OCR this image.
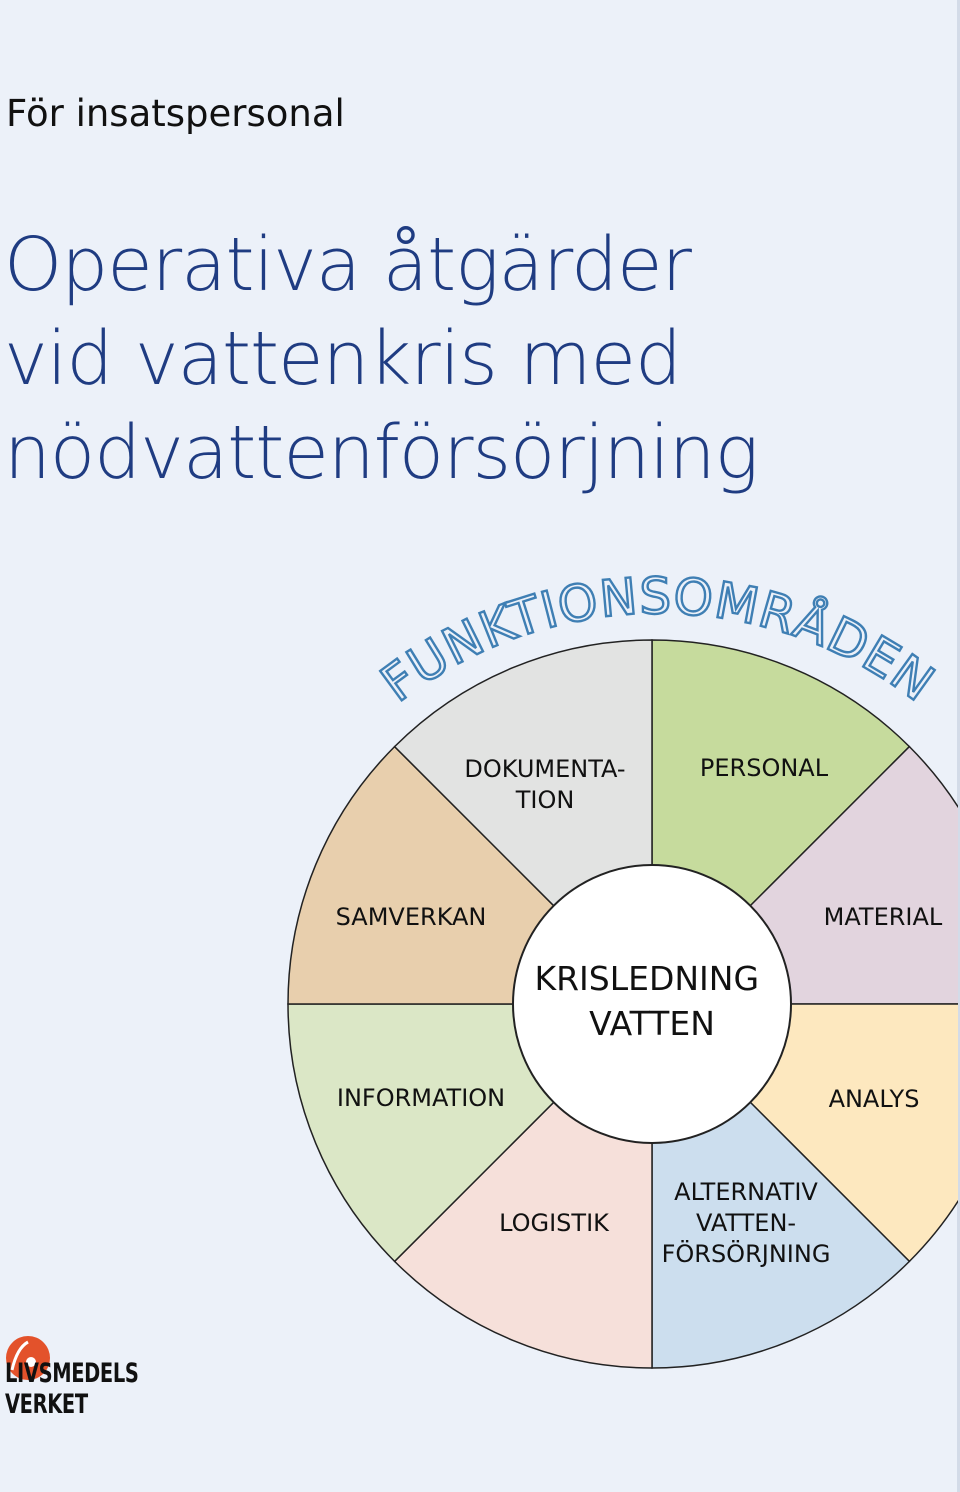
För insatspersonal
Operativa åtgärder
vid vattenkris med
nödvattenförsörjning
KRISLEDNING VATTEN
FUNKTIONSOMRÅDEN
PERSONAL
MATERIAL
ANALYS
ALTERNATIV VATTEN-FÖRSÖRJNING
LOGISTIK
INFORMATION
SAMVERKAN
DOKUMENTA-TION
LIVSMEDELS
VERKET
